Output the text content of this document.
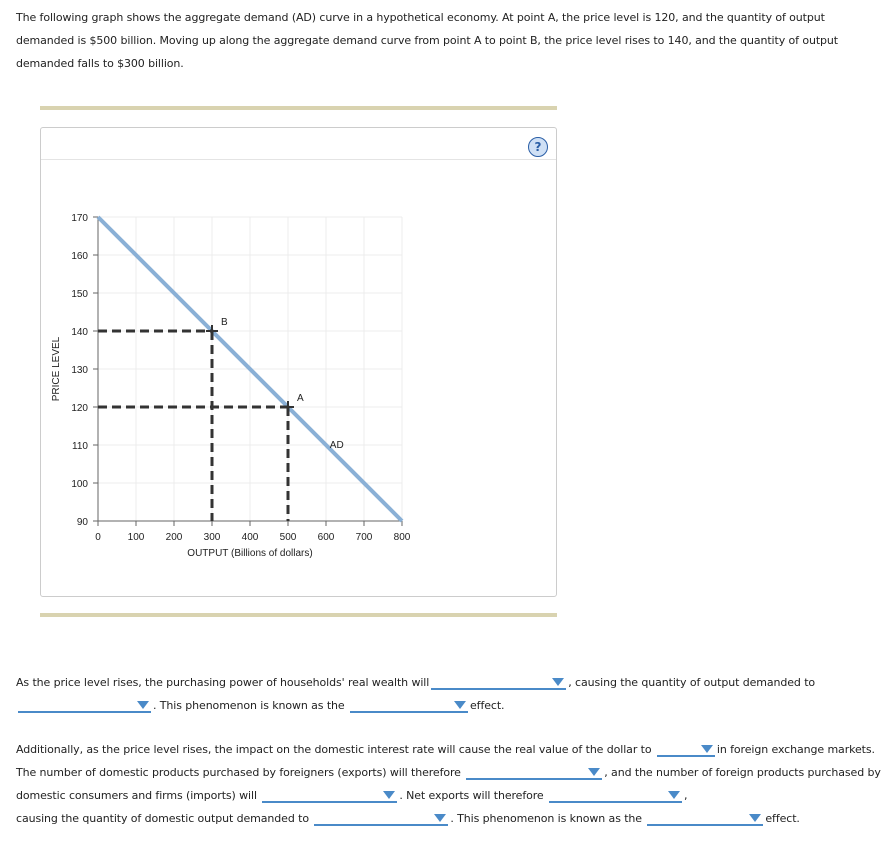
The following graph shows the aggregate demand (AD) curve in a hypothetical economy. At point A, the price level is 120, and the quantity of output demanded is $500 billion. Moving up along the aggregate demand curve from point A to point B, the price level rises to 140, and the quantity of output demanded falls to $300 billion.
?
0	100 200 300 400 500 600 700 800
90
100
110
120
130
140
150
160
170
OUTPUT (Billions of dollars)
PRICE LEVEL
AD
A
B
As the price level rises, the purchasing power of households' real wealth will	, causing the quantity of output demanded to
. This phenomenon is known as the	effect.
Additionally, as the price level rises, the impact on the domestic interest rate will cause the real value of the dollar to	in foreign exchange markets. The number of domestic products purchased by foreigners (exports) will therefore	, and the number of foreign products purchased by domestic consumers and firms (imports) will	. Net exports will therefore	,
causing the quantity of domestic output demanded to	. This phenomenon is known as the	effect.
